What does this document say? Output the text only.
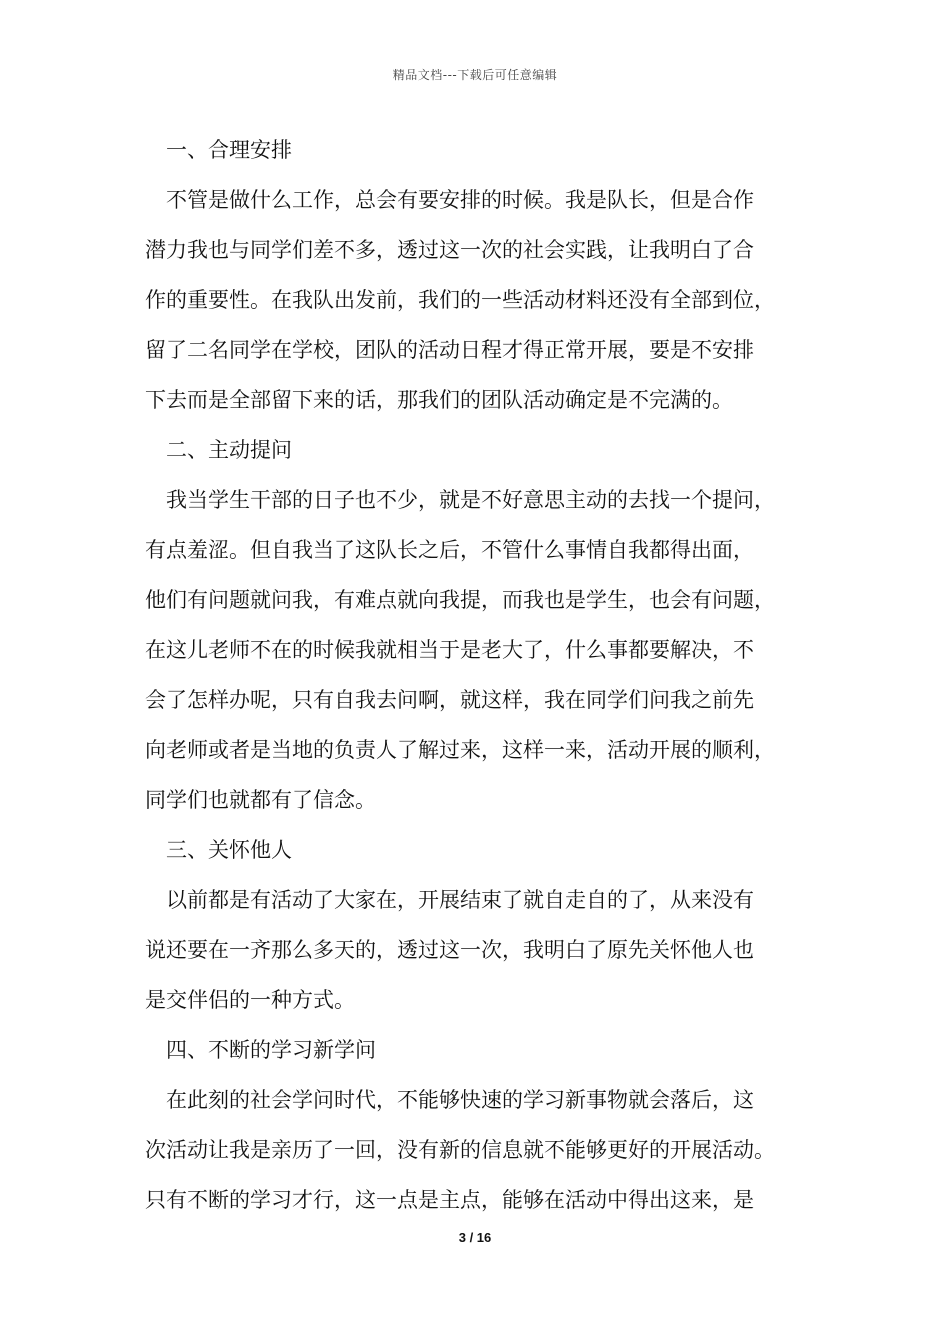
精品文档---下载后可任意编辑
一、合理安排
不管是做什么工作，总会有要安排的时候。我是队长，但是合作
潜力我也与同学们差不多，透过这一次的社会实践，让我明白了合
作的重要性。在我队出发前，我们的一些活动材料还没有全部到位，
留了二名同学在学校，团队的活动日程才得正常开展，要是不安排
下去而是全部留下来的话，那我们的团队活动确定是不完满的。
二、主动提问
我当学生干部的日子也不少，就是不好意思主动的去找一个提问，
有点羞涩。但自我当了这队长之后，不管什么事情自我都得出面，
他们有问题就问我，有难点就向我提，而我也是学生，也会有问题，
在这儿老师不在的时候我就相当于是老大了，什么事都要解决，不
会了怎样办呢，只有自我去问啊，就这样，我在同学们问我之前先
向老师或者是当地的负责人了解过来，这样一来，活动开展的顺利，
同学们也就都有了信念。
三、关怀他人
以前都是有活动了大家在，开展结束了就自走自的了，从来没有
说还要在一齐那么多天的，透过这一次，我明白了原先关怀他人也
是交伴侣的一种方式。
四、不断的学习新学问
在此刻的社会学问时代，不能够快速的学习新事物就会落后，这
次活动让我是亲历了一回，没有新的信息就不能够更好的开展活动。
只有不断的学习才行，这一点是主点，能够在活动中得出这来，是
3 / 16
